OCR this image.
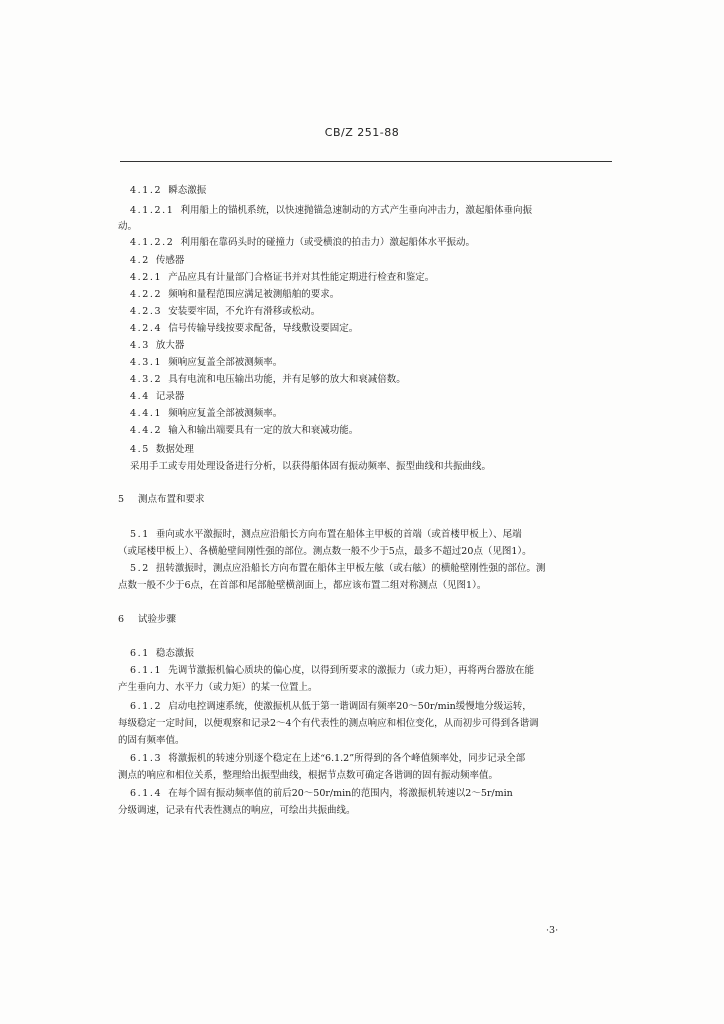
CB/Z 251-88
4.1.2 瞬态激振
4.1.2.1 利用船上的锚机系统，以快速抛锚急速制动的方式产生垂向冲击力，激起船体垂向振
动。
4.1.2.2 利用船在靠码头时的碰撞力（或受横浪的拍击力）激起船体水平振动。
4.2 传感器
4.2.1 产品应具有计量部门合格证书并对其性能定期进行检查和鉴定。
4.2.2 频响和量程范围应满足被测船舶的要求。
4.2.3 安装要牢固，不允许有滑移或松动。
4.2.4 信号传输导线按要求配备，导线敷设要固定。
4.3 放大器
4.3.1 频响应复盖全部被测频率。
4.3.2 具有电流和电压输出功能，并有足够的放大和衰减倍数。
4.4 记录器
4.4.1 频响应复盖全部被测频率。
4.4.2 输入和输出端要具有一定的放大和衰减功能。
4.5 数据处理
采用手工或专用处理设备进行分析，以获得船体固有振动频率、振型曲线和共振曲线。
5 测点布置和要求
5.1 垂向或水平激振时，测点应沿船长方向布置在船体主甲板的首端（或首楼甲板上）、尾端
（或尾楼甲板上）、各横舱壁间刚性强的部位。测点数一般不少于5点，最多不超过20点（见图1）。
5.2 扭转激振时，测点应沿船长方向布置在船体主甲板左舷（或右舷）的横舱壁刚性强的部位。测
点数一般不少于6点，在首部和尾部舱壁横剖面上，都应该布置二组对称测点（见图1）。
6 试验步骤
6.1 稳态激振
6.1.1 先调节激振机偏心质块的偏心度，以得到所要求的激振力（或力矩），再将两台器放在能
产生垂向力、水平力（或力矩）的某一位置上。
6.1.2 启动电控调速系统，使激振机从低于第一谐调固有频率20～50r/min缓慢地分级运转，
每级稳定一定时间，以便观察和记录2～4个有代表性的测点响应和相位变化，从而初步可得到各谐调
的固有频率值。
6.1.3 将激振机的转速分别逐个稳定在上述“6.1.2”所得到的各个峰值频率处，同步记录全部
测点的响应和相位关系，整理给出振型曲线，根据节点数可确定各谐调的固有振动频率值。
6.1.4 在每个固有振动频率值的前后20～50r/min的范围内，将激振机转速以2～5r/min
分级调速，记录有代表性测点的响应，可绘出共振曲线。
·3·
